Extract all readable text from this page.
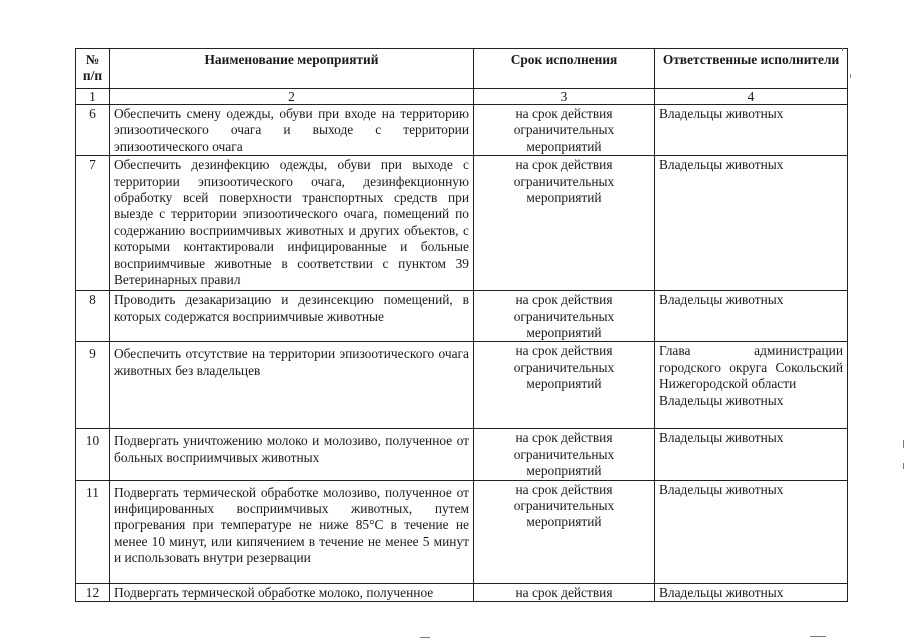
№ п/п	Наименование мероприятий	Срок исполнения	Ответственные исполнители
1	2	3	4
6	Обеспечить смену одежды, обуви при входе на территорию эпизоотического очага и выходе с территории эпизоотического очага	на срок действия ограничительных мероприятий	Владельцы животных
7	Обеспечить дезинфекцию одежды, обуви при выходе с территории эпизоотического очага, дезинфекционную обработку всей поверхности транспортных средств при выезде с территории эпизоотического очага, помещений по содержанию восприимчивых животных и других объектов, с которыми контактировали инфицированные и больные восприимчивые животные в соответствии с пунктом 39 Ветеринарных правил	на срок действия ограничительных мероприятий	Владельцы животных
8	Проводить дезакаризацию и дезинсекцию помещений, в которых содержатся восприимчивые животные	на срок действия ограничительных мероприятий	Владельцы животных
9	Обеспечить отсутствие на территории эпизоотического очага животных без владельцев	на срок действия ограничительных мероприятий	Глава администрации городского округа Сокольский Нижегородской области
Владельцы животных

10	Подвергать уничтожению молоко и молозиво, полученное от больных восприимчивых животных	на срок действия ограничительных мероприятий	Владельцы животных
11	Подвергать термической обработке молозиво, полученное от инфицированных восприимчивых животных, путем прогревания при температуре не ниже 85°С в течение не менее 10 минут, или кипячением в течение не менее 5 минут и использовать внутри резервации	на срок действия ограничительных мероприятий	Владельцы животных
12	Подвергать термической обработке молоко, полученное	на срок действия	Владельцы животных
